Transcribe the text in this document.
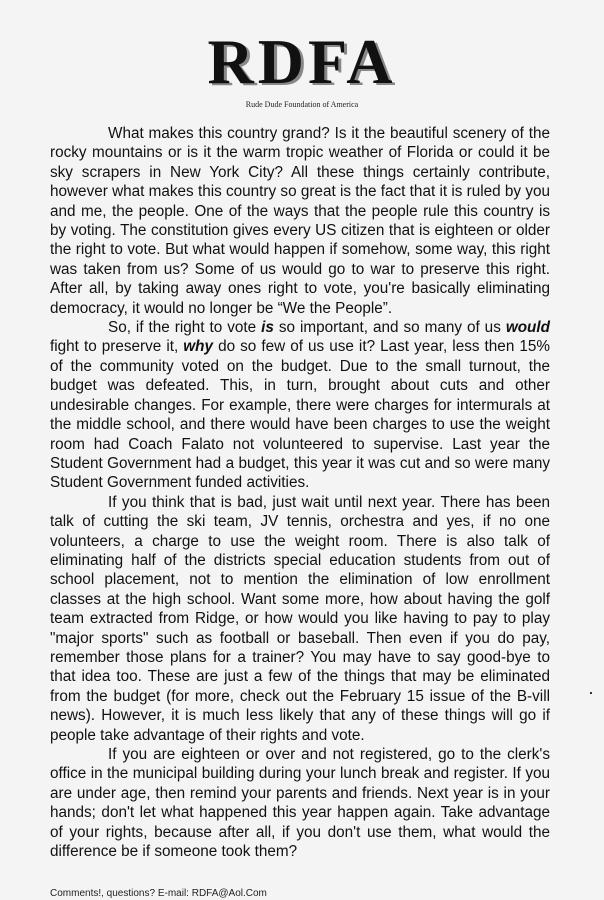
RDFA
Rude Dude Foundation of America

What makes this country grand? Is it the beautiful scenery of the rocky mountains or is it the warm tropic weather of Florida or could it be sky scrapers in New York City? All these things certainly contribute, however what makes this country so great is the fact that it is ruled by you and me, the people. One of the ways that the people rule this country is by voting. The constitution gives every US citizen that is eighteen or older the right to vote. But what would happen if somehow, some way, this right was taken from us? Some of us would go to war to preserve this right. After all, by taking away ones right to vote, you're basically eliminating democracy, it would no longer be “We the People”.

So, if the right to vote is so important, and so many of us would fight to preserve it, why do so few of us use it? Last year, less then 15% of the community voted on the budget. Due to the small turnout, the budget was defeated. This, in turn, brought about cuts and other undesirable changes. For example, there were charges for intermurals at the middle school, and there would have been charges to use the weight room had Coach Falato not volunteered to supervise. Last year the Student Government had a budget, this year it was cut and so were many Student Government funded activities.

If you think that is bad, just wait until next year. There has been talk of cutting the ski team, JV tennis, orchestra and yes, if no one volunteers, a charge to use the weight room. There is also talk of eliminating half of the districts special education students from out of school placement, not to mention the elimination of low enrollment classes at the high school. Want some more, how about having the golf team extracted from Ridge, or how would you like having to pay to play "major sports" such as football or baseball. Then even if you do pay, remember those plans for a trainer? You may have to say good-bye to that idea too. These are just a few of the things that may be eliminated from the budget (for more, check out the February 15 issue of the B-vill news). However, it is much less likely that any of these things will go if people take advantage of their rights and vote.

If you are eighteen or over and not registered, go to the clerk's office in the municipal building during your lunch break and register. If you are under age, then remind your parents and friends. Next year is in your hands; don't let what happened this year happen again. Take advantage of your rights, because after all, if you don't use them, what would the difference be if someone took them?

Comments!, questions? E-mail: RDFA@Aol.Com
